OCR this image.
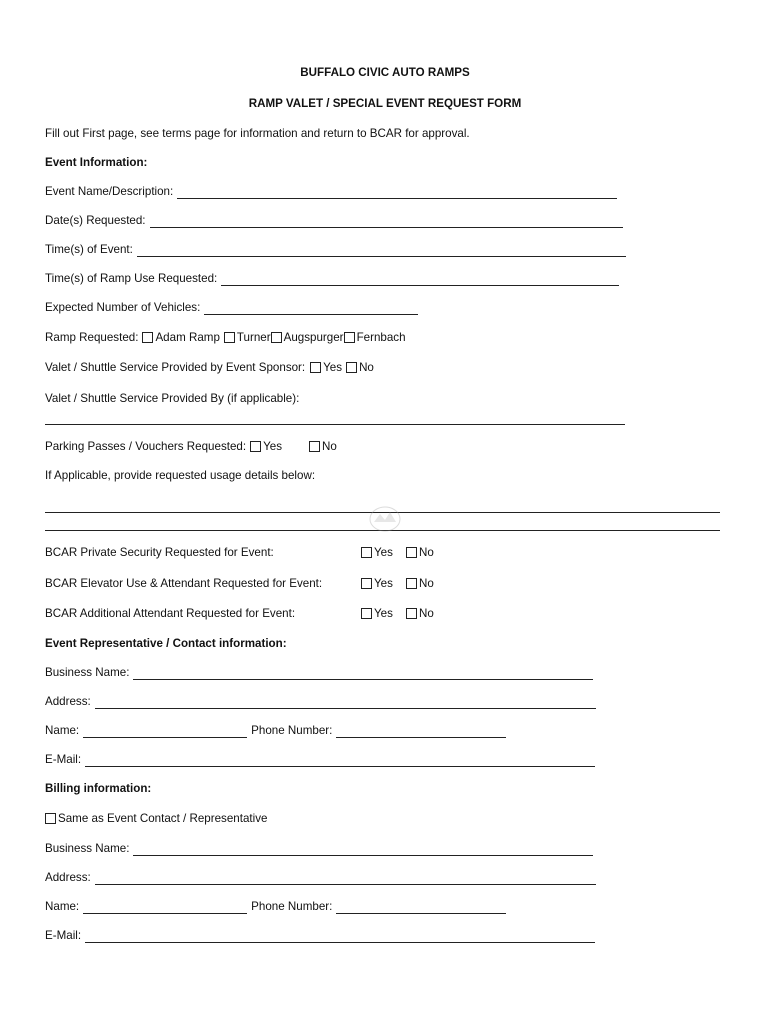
BUFFALO CIVIC AUTO RAMPS
RAMP VALET / SPECIAL EVENT REQUEST FORM
Fill out First page, see terms page for information and return to BCAR for approval.
Event Information:
Event Name/Description:
Date(s) Requested:
Time(s) of Event:
Time(s) of Ramp Use Requested:
Expected Number of Vehicles:
Ramp Requested: Adam Ramp Turner Augspurger Fernbach
Valet / Shuttle Service Provided by Event Sponsor: Yes No
Valet / Shuttle Service Provided By (if applicable):
Parking Passes / Vouchers Requested: Yes	No
If Applicable, provide requested usage details below:
BCAR Private Security Requested for Event:	Yes No
BCAR Elevator Use & Attendant Requested for Event:	Yes No
BCAR Additional Attendant Requested for Event:	Yes No
Event Representative / Contact information:
Business Name:
Address:
Name:	Phone Number:
E-Mail:
Billing information:
Same as Event Contact / Representative
Business Name:
Address:
Name:	Phone Number:
E-Mail:
